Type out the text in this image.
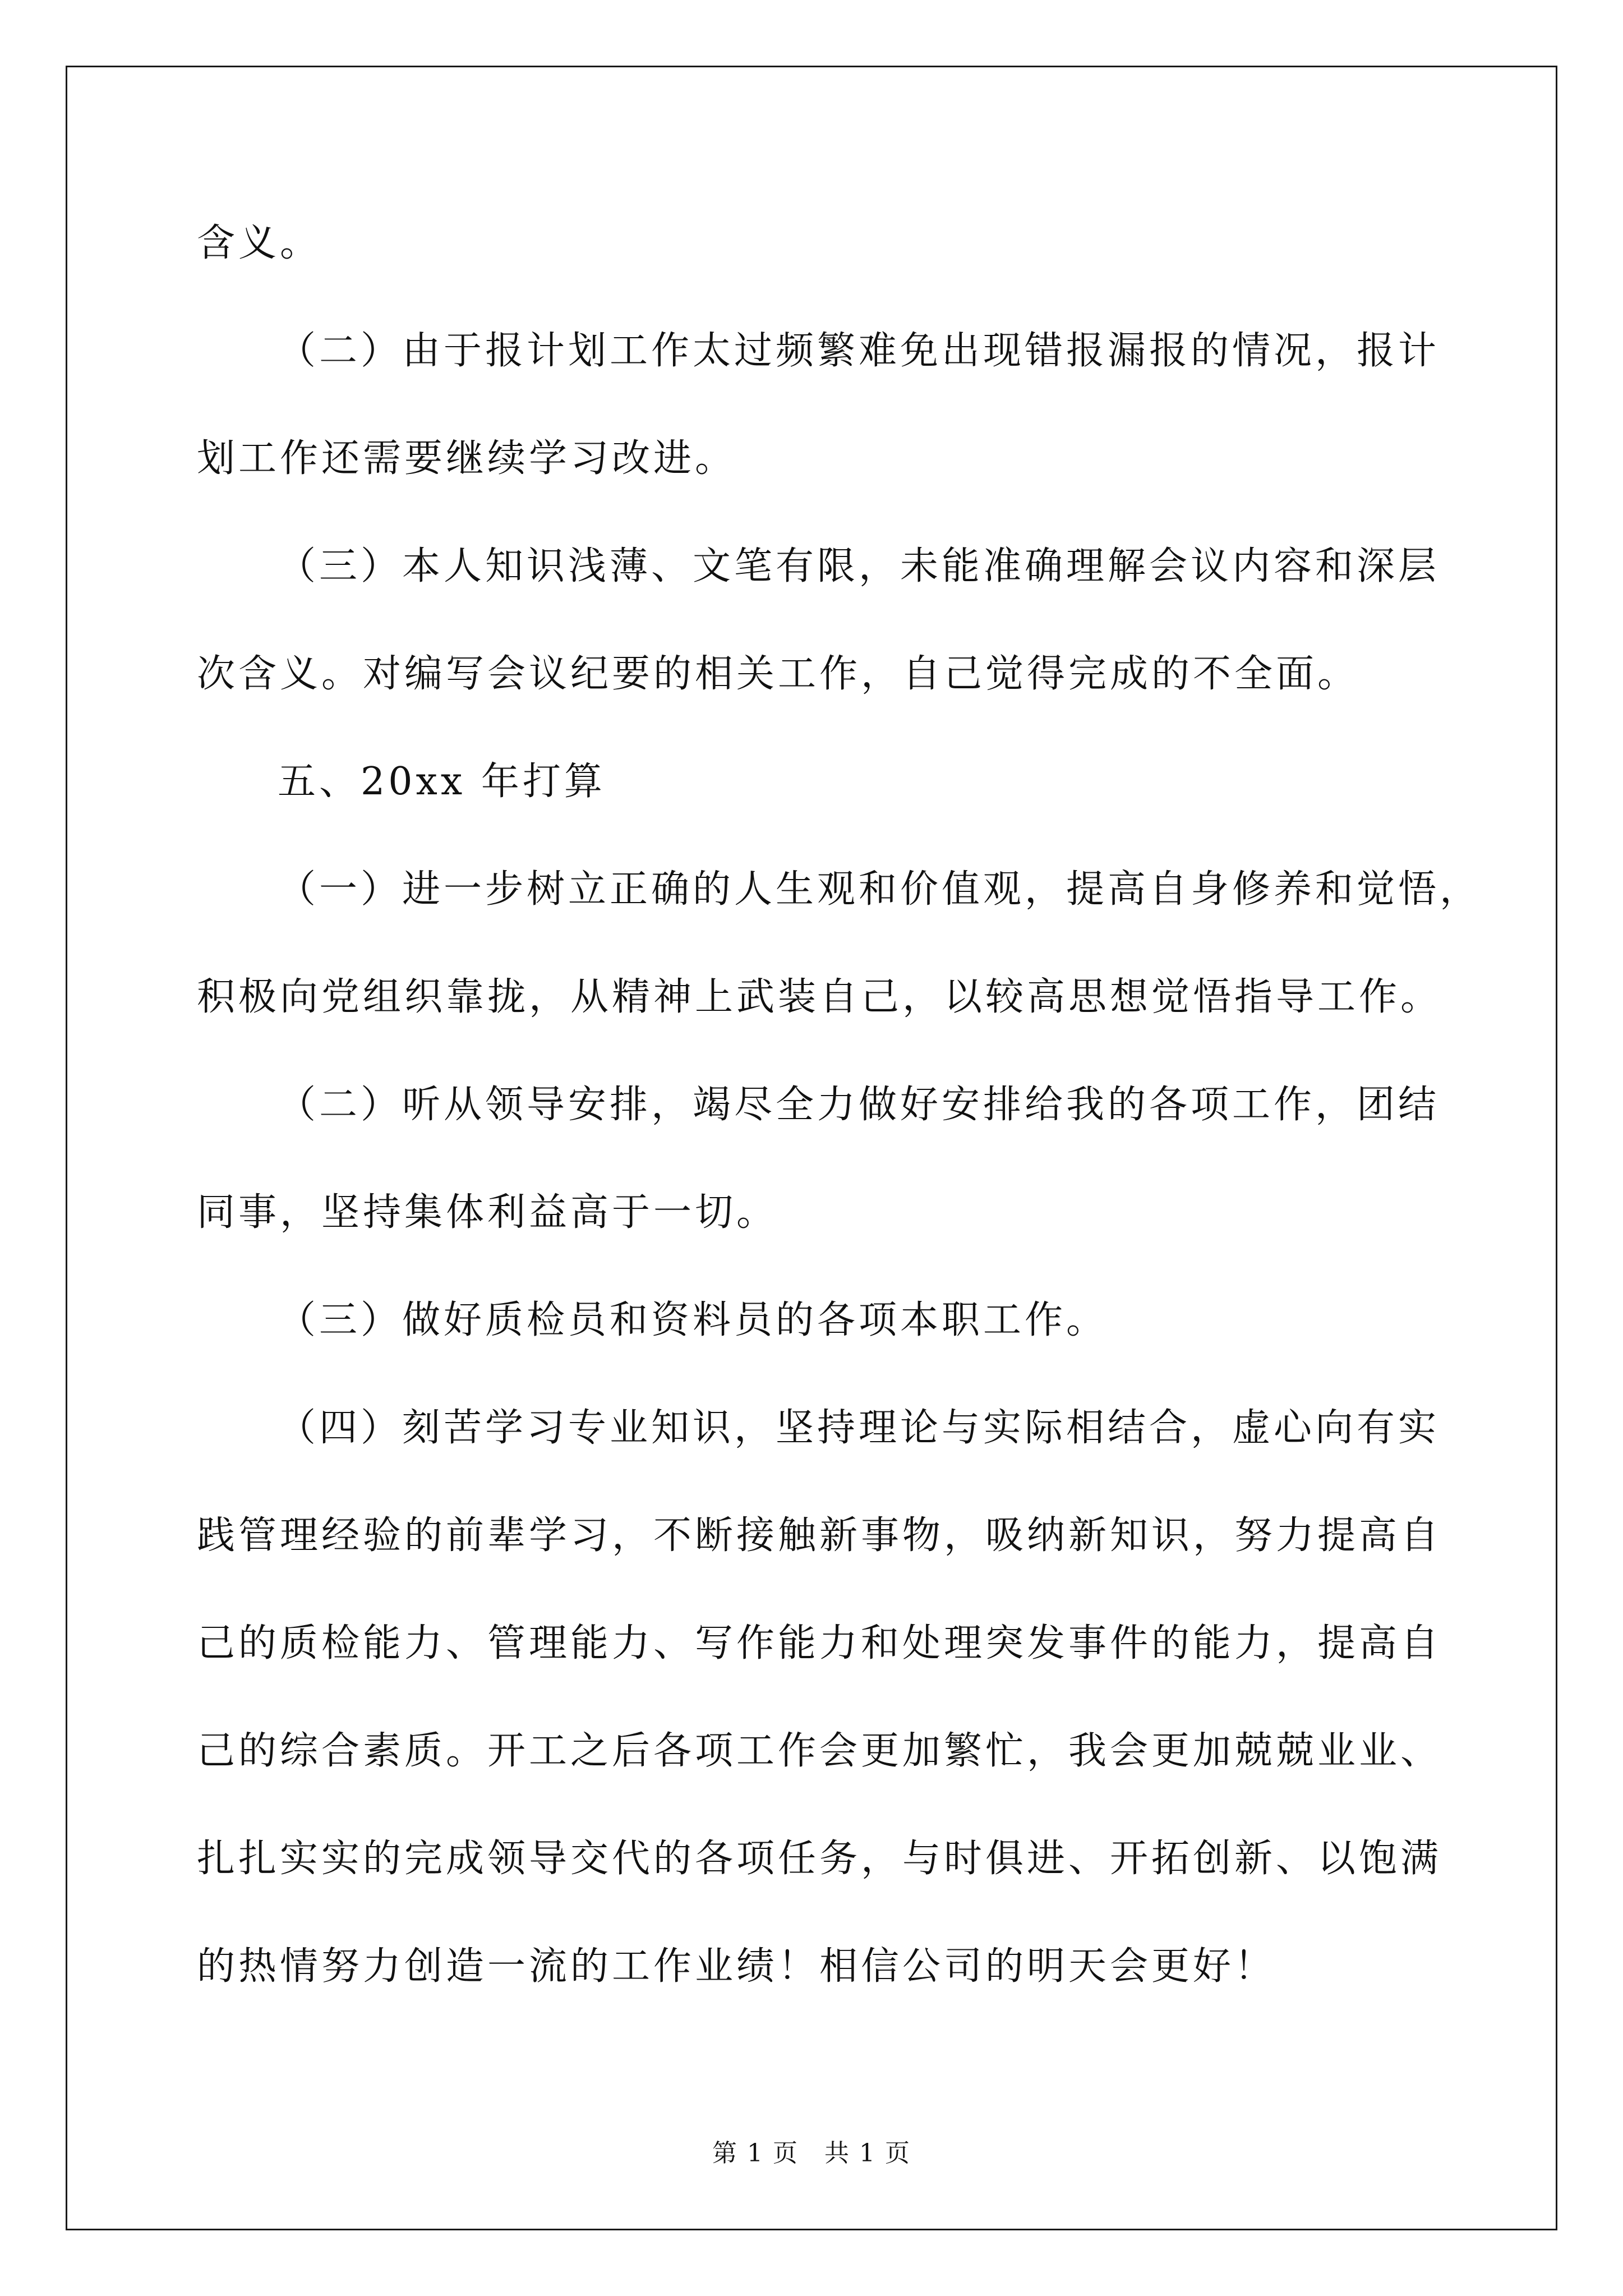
含义。
（二）由于报计划工作太过频繁难免出现错报漏报的情况，报计
划工作还需要继续学习改进。
（三）本人知识浅薄、文笔有限，未能准确理解会议内容和深层
次含义。对编写会议纪要的相关工作，自己觉得完成的不全面。
五、20xx 年打算
（一）进一步树立正确的人生观和价值观，提高自身修养和觉悟，
积极向党组织靠拢，从精神上武装自己，以较高思想觉悟指导工作。
（二）听从领导安排，竭尽全力做好安排给我的各项工作，团结
同事，坚持集体利益高于一切。
（三）做好质检员和资料员的各项本职工作。
（四）刻苦学习专业知识，坚持理论与实际相结合，虚心向有实
践管理经验的前辈学习，不断接触新事物，吸纳新知识，努力提高自
己的质检能力、管理能力、写作能力和处理突发事件的能力，提高自
己的综合素质。开工之后各项工作会更加繁忙，我会更加兢兢业业、
扎扎实实的完成领导交代的各项任务，与时俱进、开拓创新、以饱满
的热情努力创造一流的工作业绩！相信公司的明天会更好！
第 1 页　共 1 页
